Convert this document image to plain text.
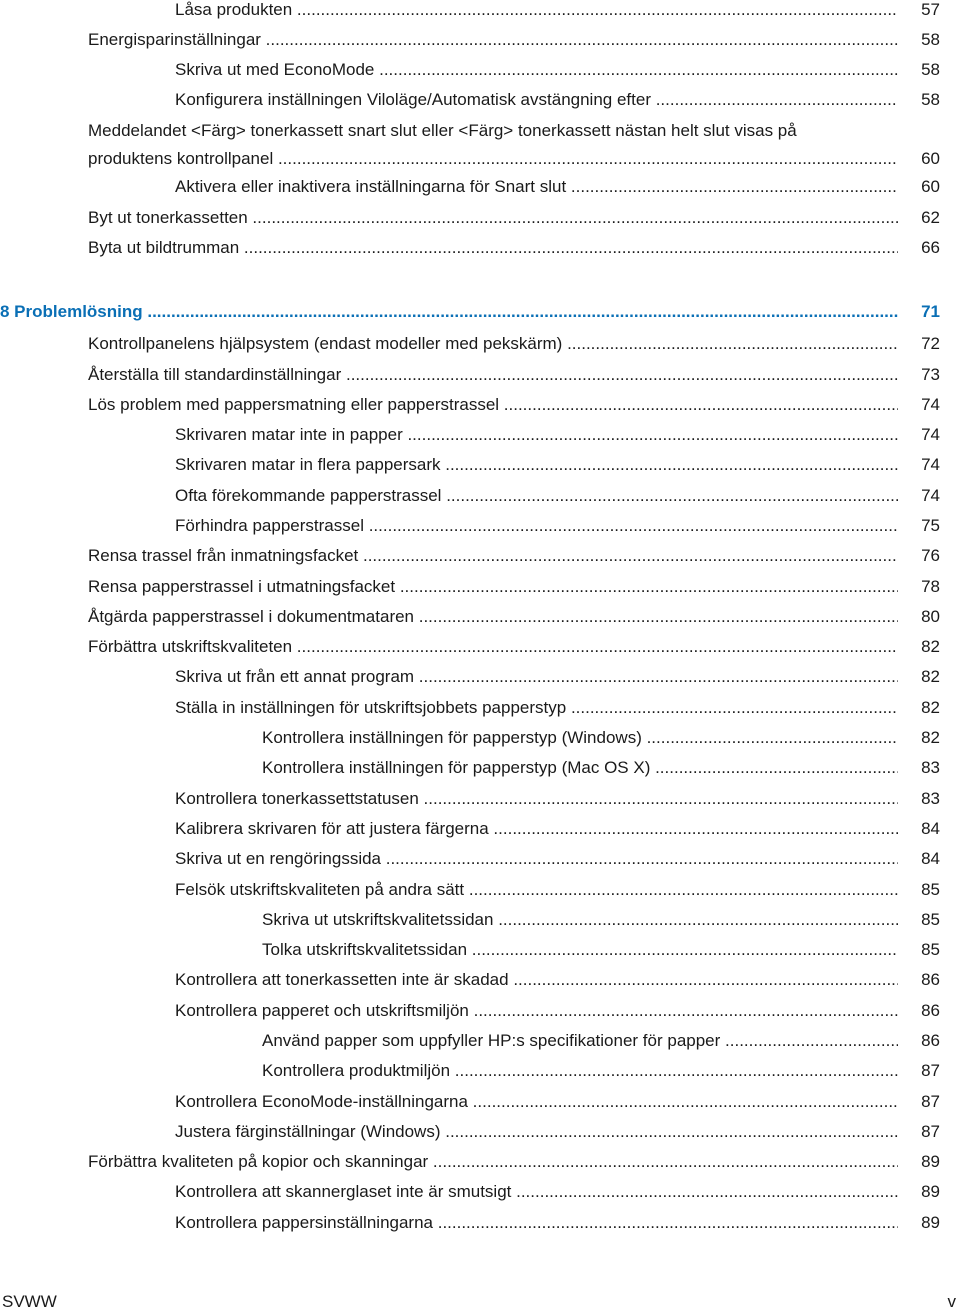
Låsa produkten .....	57
Energisparinställningar .....	58
Skriva ut med EconoMode .....	58
Konfigurera inställningen Viloläge/Automatisk avstängning efter .....	58
Meddelandet <Färg> tonerkassett snart slut eller <Färg> tonerkassett nästan helt slut visas på
produktens kontrollpanel .....	60
Aktivera eller inaktivera inställningarna för Snart slut .....	60
Byt ut tonerkassetten .....	62
Byta ut bildtrumman .....	66
8 Problemlösning .....	71
Kontrollpanelens hjälpsystem (endast modeller med pekskärm) .....	72
Återställa till standardinställningar .....	73
Lös problem med pappersmatning eller papperstrassel .....	74
Skrivaren matar inte in papper .....	74
Skrivaren matar in flera pappersark .....	74
Ofta förekommande papperstrassel .....	74
Förhindra papperstrassel .....	75
Rensa trassel från inmatningsfacket .....	76
Rensa papperstrassel i utmatningsfacket .....	78
Åtgärda papperstrassel i dokumentmataren .....	80
Förbättra utskriftskvaliteten .....	82
Skriva ut från ett annat program .....	82
Ställa in inställningen för utskriftsjobbets papperstyp .....	82
Kontrollera inställningen för papperstyp (Windows) .....	82
Kontrollera inställningen för papperstyp (Mac OS X) .....	83
Kontrollera tonerkassettstatusen .....	83
Kalibrera skrivaren för att justera färgerna .....	84
Skriva ut en rengöringssida .....	84
Felsök utskriftskvaliteten på andra sätt .....	85
Skriva ut utskriftskvalitetssidan .....	85
Tolka utskriftskvalitetssidan .....	85
Kontrollera att tonerkassetten inte är skadad .....	86
Kontrollera papperet och utskriftsmiljön .....	86
Använd papper som uppfyller HP:s specifikationer för papper .....	86
Kontrollera produktmiljön .....	87
Kontrollera EconoMode-inställningarna .....	87
Justera färginställningar (Windows) .....	87
Förbättra kvaliteten på kopior och skanningar .....	89
Kontrollera att skannerglaset inte är smutsigt .....	89
Kontrollera pappersinställningarna .....	89
SVWW	v
